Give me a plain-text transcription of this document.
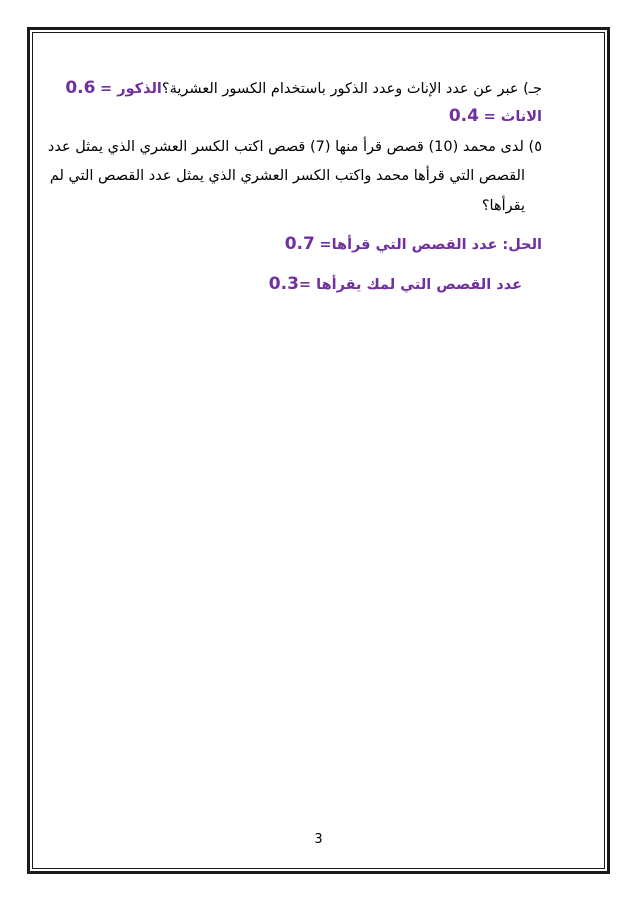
جـ) عبر عن عدد الإناث وعدد الذكور باستخدام الكسور العشرية؟الذكور = 0.6
الاناث = 0.4
٥) لدى محمد (10) قصص قرأ منها (7) قصص اكتب الكسر العشري الذي يمثل عدد
القصص التي قرأها محمد واكتب الكسر العشري الذي يمثل عدد القصص التي لم
يقرأها؟
الحل: عدد القصص التي قرأها= 0.7
عدد القصص التي لمك يقرأها =0.3
3
